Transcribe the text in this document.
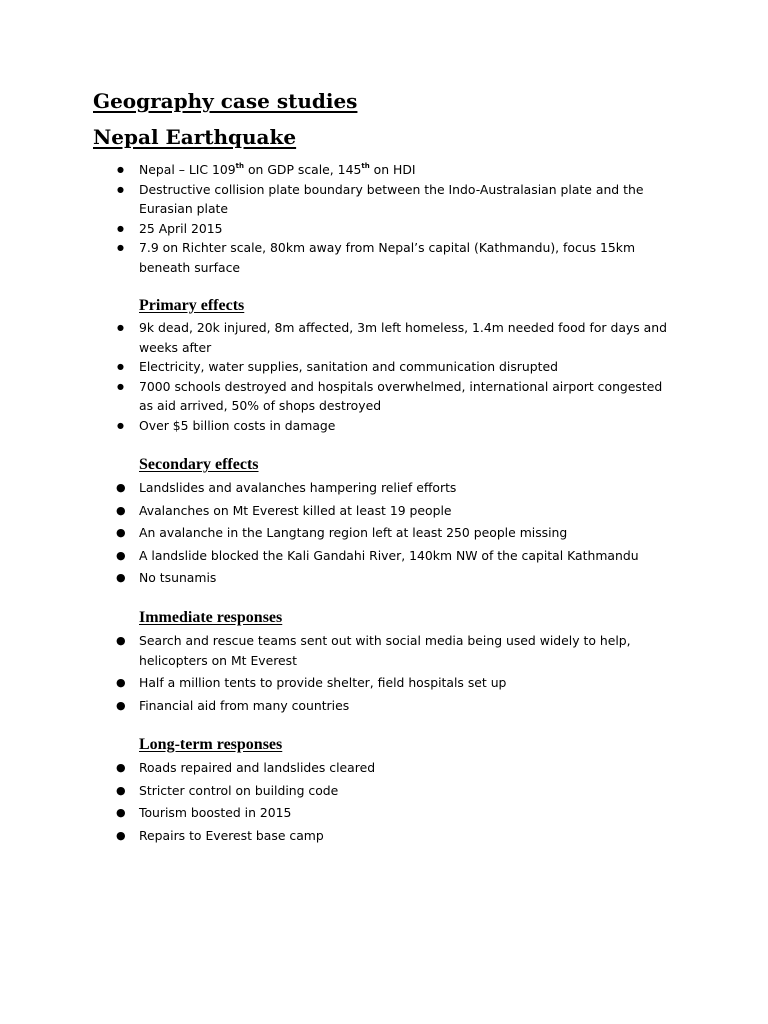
Geography case studies
Nepal Earthquake
● Nepal – LIC 109th on GDP scale, 145th on HDI
● Destructive collision plate boundary between the Indo-Australasian plate and the Eurasian plate
● 25 April 2015
● 7.9 on Richter scale, 80km away from Nepal’s capital (Kathmandu), focus 15km beneath surface
Primary effects
● 9k dead, 20k injured, 8m affected, 3m left homeless, 1.4m needed food for days and weeks after
● Electricity, water supplies, sanitation and communication disrupted
● 7000 schools destroyed and hospitals overwhelmed, international airport congested as aid arrived, 50% of shops destroyed
● Over $5 billion costs in damage
Secondary effects
● Landslides and avalanches hampering relief efforts
● Avalanches on Mt Everest killed at least 19 people
● An avalanche in the Langtang region left at least 250 people missing
● A landslide blocked the Kali Gandahi River, 140km NW of the capital Kathmandu
● No tsunamis
Immediate responses
● Search and rescue teams sent out with social media being used widely to help, helicopters on Mt Everest
● Half a million tents to provide shelter, field hospitals set up
● Financial aid from many countries
Long-term responses
● Roads repaired and landslides cleared
● Stricter control on building code
● Tourism boosted in 2015
● Repairs to Everest base camp
